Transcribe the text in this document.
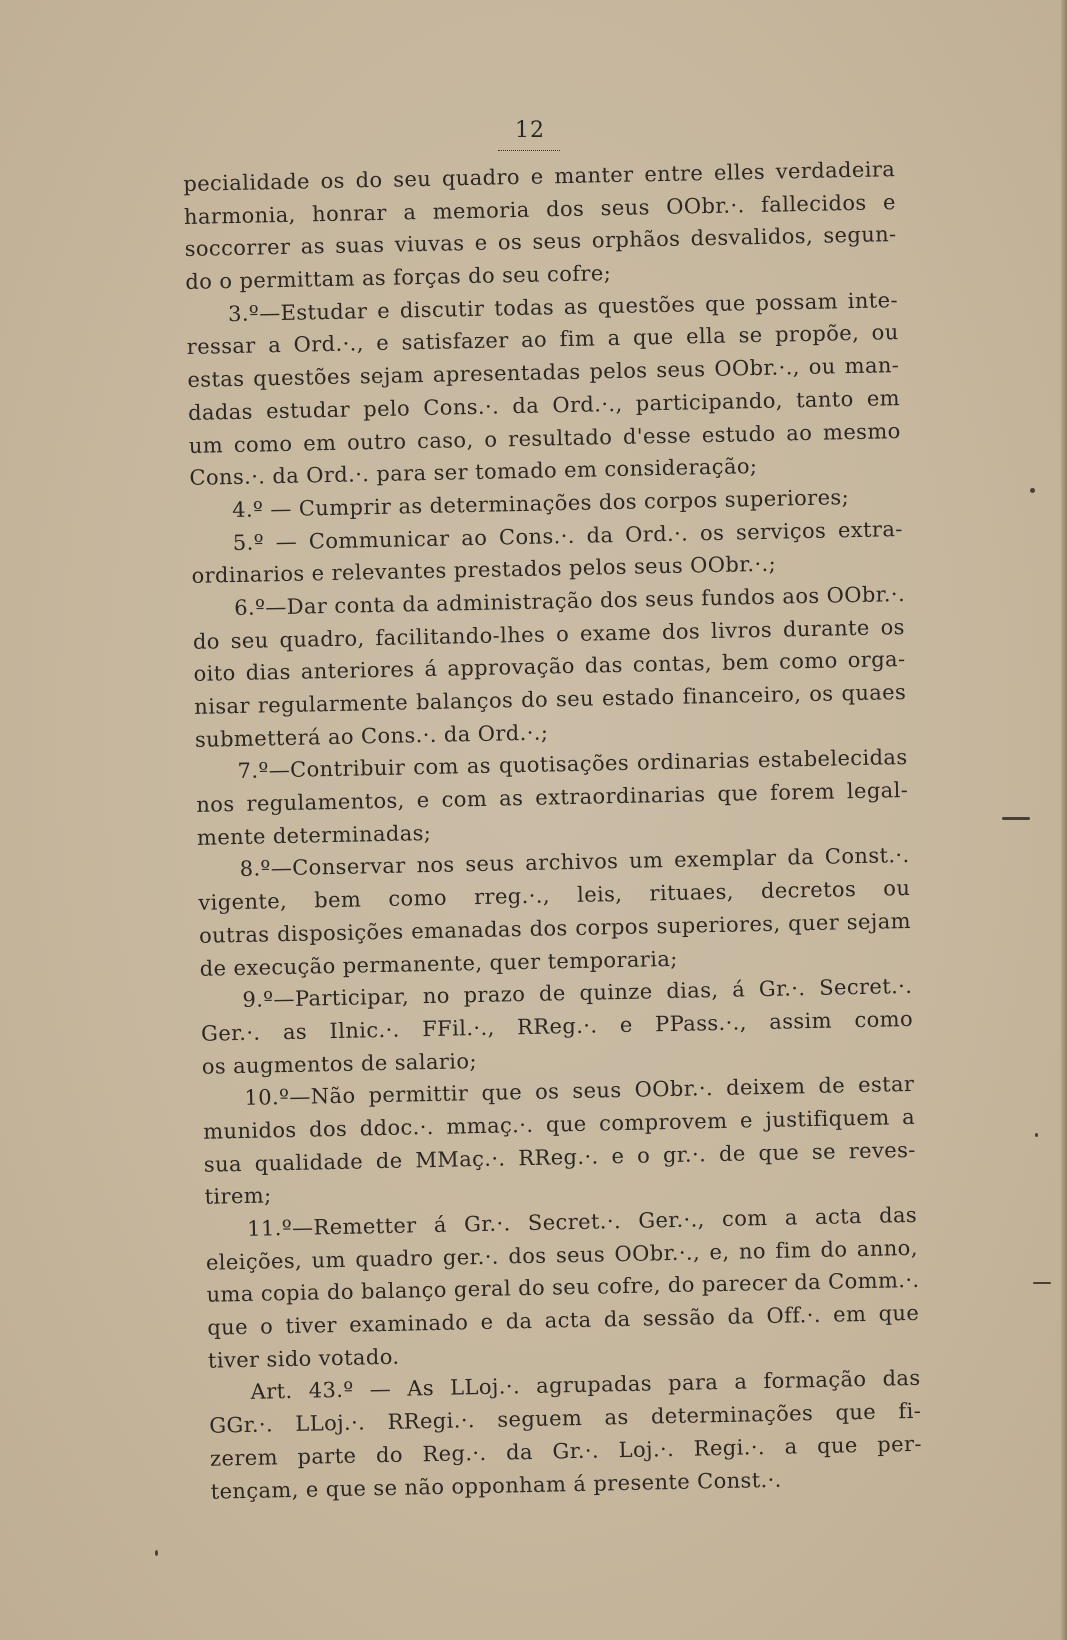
12
pecialidade os do seu quadro e manter entre elles verdadeira
harmonia, honrar a memoria dos seus OObr.·. fallecidos e
soccorrer as suas viuvas e os seus orphãos desvalidos, segun-
do o permittam as forças do seu cofre;
3.º—Estudar e discutir todas as questões que possam inte-
ressar a Ord.·., e satisfazer ao fim a que ella se propõe, ou
estas questões sejam apresentadas pelos seus OObr.·., ou man-
dadas estudar pelo Cons.·. da Ord.·., participando, tanto em
um como em outro caso, o resultado d'esse estudo ao mesmo
Cons.·. da Ord.·. para ser tomado em consideração;
4.º — Cumprir as determinações dos corpos superiores;
5.º — Communicar ao Cons.·. da Ord.·. os serviços extra-
ordinarios e relevantes prestados pelos seus OObr.·.;
6.º—Dar conta da administração dos seus fundos aos OObr.·.
do seu quadro, facilitando-lhes o exame dos livros durante os
oito dias anteriores á approvação das contas, bem como orga-
nisar regularmente balanços do seu estado financeiro, os quaes
submetterá ao Cons.·. da Ord.·.;
7.º—Contribuir com as quotisações ordinarias estabelecidas
nos regulamentos, e com as extraordinarias que forem legal-
mente determinadas;
8.º—Conservar nos seus archivos um exemplar da Const.·.
vigente, bem como rreg.·., leis, rituaes, decretos ou
outras disposições emanadas dos corpos superiores, quer sejam
de execução permanente, quer temporaria;
9.º—Participar, no prazo de quinze dias, á Gr.·. Secret.·.
Ger.·. as Ilnic.·. FFil.·., RReg.·. e PPass.·., assim como
os augmentos de salario;
10.º—Não permittir que os seus OObr.·. deixem de estar
munidos dos ddoc.·. mmaç.·. que comprovem e justifiquem a
sua qualidade de MMaç.·. RReg.·. e o gr.·. de que se reves-
tirem;
11.º—Remetter á Gr.·. Secret.·. Ger.·., com a acta das
eleições, um quadro ger.·. dos seus OObr.·., e, no fim do anno,
uma copia do balanço geral do seu cofre, do parecer da Comm.·.
que o tiver examinado e da acta da sessão da Off.·. em que
tiver sido votado.
Art. 43.º — As LLoj.·. agrupadas para a formação das
GGr.·. LLoj.·. RRegi.·. seguem as determinações que fi-
zerem parte do Reg.·. da Gr.·. Loj.·. Regi.·. a que per-
tençam, e que se não opponham á presente Const.·.
